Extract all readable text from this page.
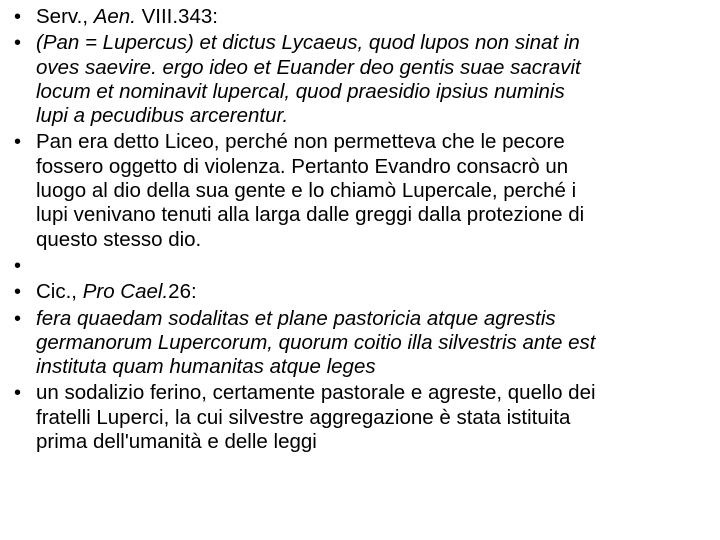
• Serv., Aen. VIII.343:
• (Pan = Lupercus) et dictus Lycaeus, quod lupos non sinat in
oves saevire. ergo ideo et Euander deo gentis suae sacravit
locum et nominavit lupercal, quod praesidio ipsius numinis
lupi a pecudibus arcerentur.
• Pan era detto Liceo, perché non permetteva che le pecore
fossero oggetto di violenza. Pertanto Evandro consacrò un
luogo al dio della sua gente e lo chiamò Lupercale, perché i
lupi venivano tenuti alla larga dalle greggi dalla protezione di
questo stesso dio.
•
• Cic., Pro Cael.26:
• fera quaedam sodalitas et plane pastoricia atque agrestis
germanorum Lupercorum, quorum coitio illa silvestris ante est
instituta quam humanitas atque leges
• un sodalizio ferino, certamente pastorale e agreste, quello dei
fratelli Luperci, la cui silvestre aggregazione è stata istituita
prima dell'umanità e delle leggi
